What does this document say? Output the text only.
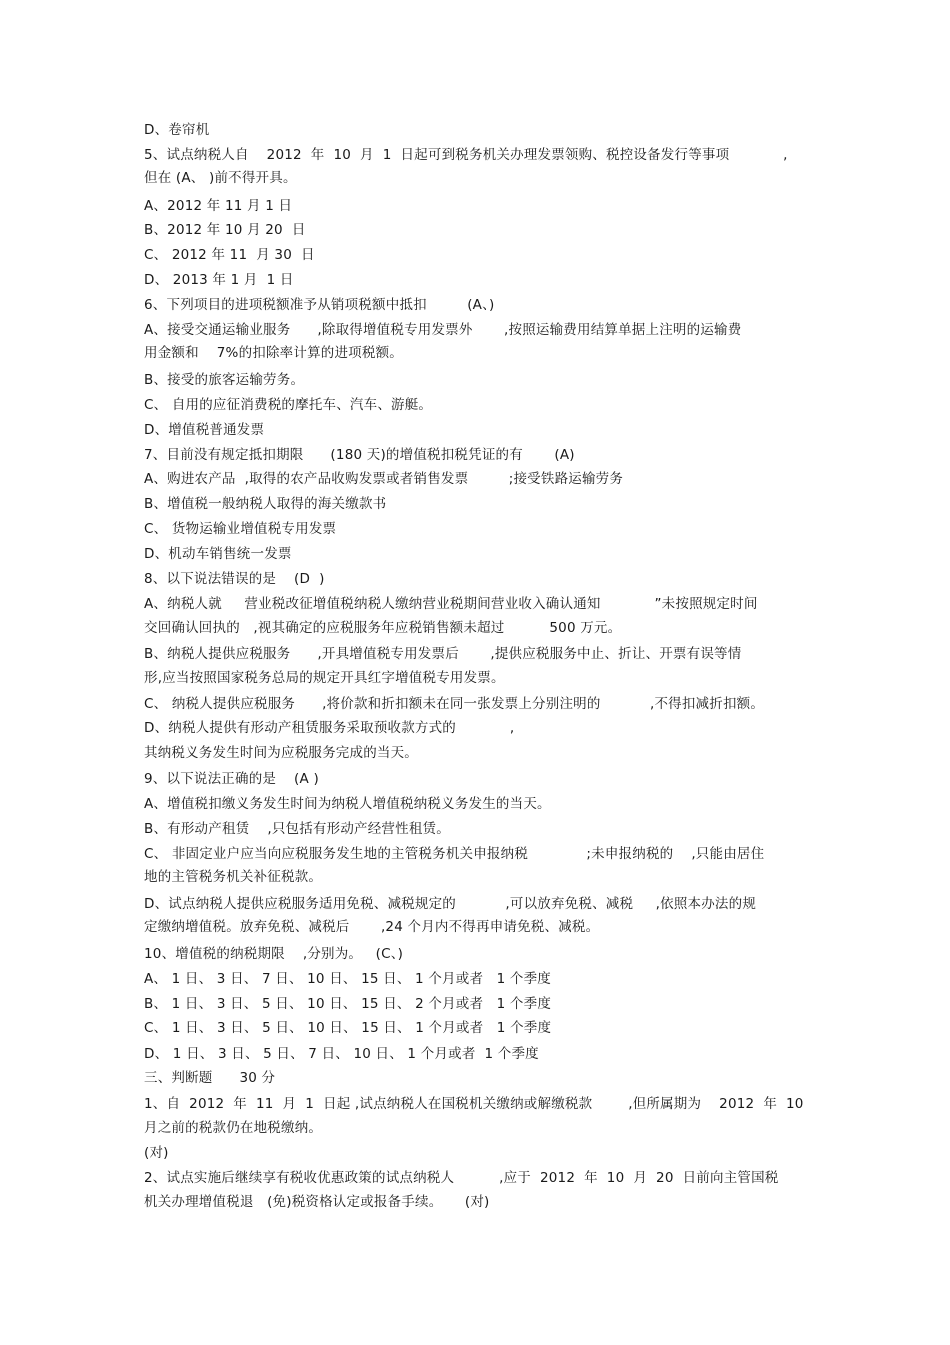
D、卷帘机
5、试点纳税人自    2012  年  10  月  1  日起可到税务机关办理发票领购、税控设备发行等事项            ,
但在 (A、 )前不得开具。
A、2012 年 11 月 1 日
B、2012 年 10 月 20  日
C、 2012 年 11  月 30  日
D、 2013 年 1 月  1 日
6、下列项目的进项税额准予从销项税额中抵扣         (A、)
A、接受交通运输业服务      ,除取得增值税专用发票外       ,按照运输费用结算单据上注明的运输费
用金额和    7%的扣除率计算的进项税额。
B、接受的旅客运输劳务。
C、 自用的应征消费税的摩托车、汽车、游艇。
D、增值税普通发票
7、目前没有规定抵扣期限      (180 天)的增值税扣税凭证的有       (A)
A、购进农产品  ,取得的农产品收购发票或者销售发票         ;接受铁路运输劳务
B、增值税一般纳税人取得的海关缴款书
C、 货物运输业增值税专用发票
D、机动车销售统一发票
8、以下说法错误的是    (D  )
A、纳税人就     营业税改征增值税纳税人缴纳营业税期间营业收入确认通知            ”未按照规定时间
交回确认回执的   ,视其确定的应税服务年应税销售额未超过          500 万元。
B、纳税人提供应税服务      ,开具增值税专用发票后       ,提供应税服务中止、折让、开票有误等情
形,应当按照国家税务总局的规定开具红字增值税专用发票。
C、 纳税人提供应税服务      ,将价款和折扣额未在同一张发票上分别注明的           ,不得扣减折扣额。
D、纳税人提供有形动产租赁服务采取预收款方式的            ,
其纳税义务发生时间为应税服务完成的当天。
9、以下说法正确的是    (A )
A、增值税扣缴义务发生时间为纳税人增值税纳税义务发生的当天。
B、有形动产租赁    ,只包括有形动产经营性租赁。
C、 非固定业户应当向应税服务发生地的主管税务机关申报纳税             ;未申报纳税的    ,只能由居住
地的主管税务机关补征税款。
D、试点纳税人提供应税服务适用免税、减税规定的           ,可以放弃免税、减税     ,依照本办法的规
定缴纳增值税。放弃免税、减税后       ,24 个月内不得再申请免税、减税。
10、增值税的纳税期限    ,分别为。   (C、)
A、 1 日、 3 日、 7 日、 10 日、 15 日、 1 个月或者   1 个季度
B、 1 日、 3 日、 5 日、 10 日、 15 日、 2 个月或者   1 个季度
C、 1 日、 3 日、 5 日、 10 日、 15 日、 1 个月或者   1 个季度
D、 1 日、 3 日、 5 日、 7 日、 10 日、 1 个月或者  1 个季度
三、判断题      30 分
1、自  2012  年  11  月  1  日起 ,试点纳税人在国税机关缴纳或解缴税款        ,但所属期为    2012  年  10
月之前的税款仍在地税缴纳。
(对)
2、试点实施后继续享有税收优惠政策的试点纳税人          ,应于  2012  年  10  月  20  日前向主管国税
机关办理增值税退   (免)税资格认定或报备手续。     (对)
